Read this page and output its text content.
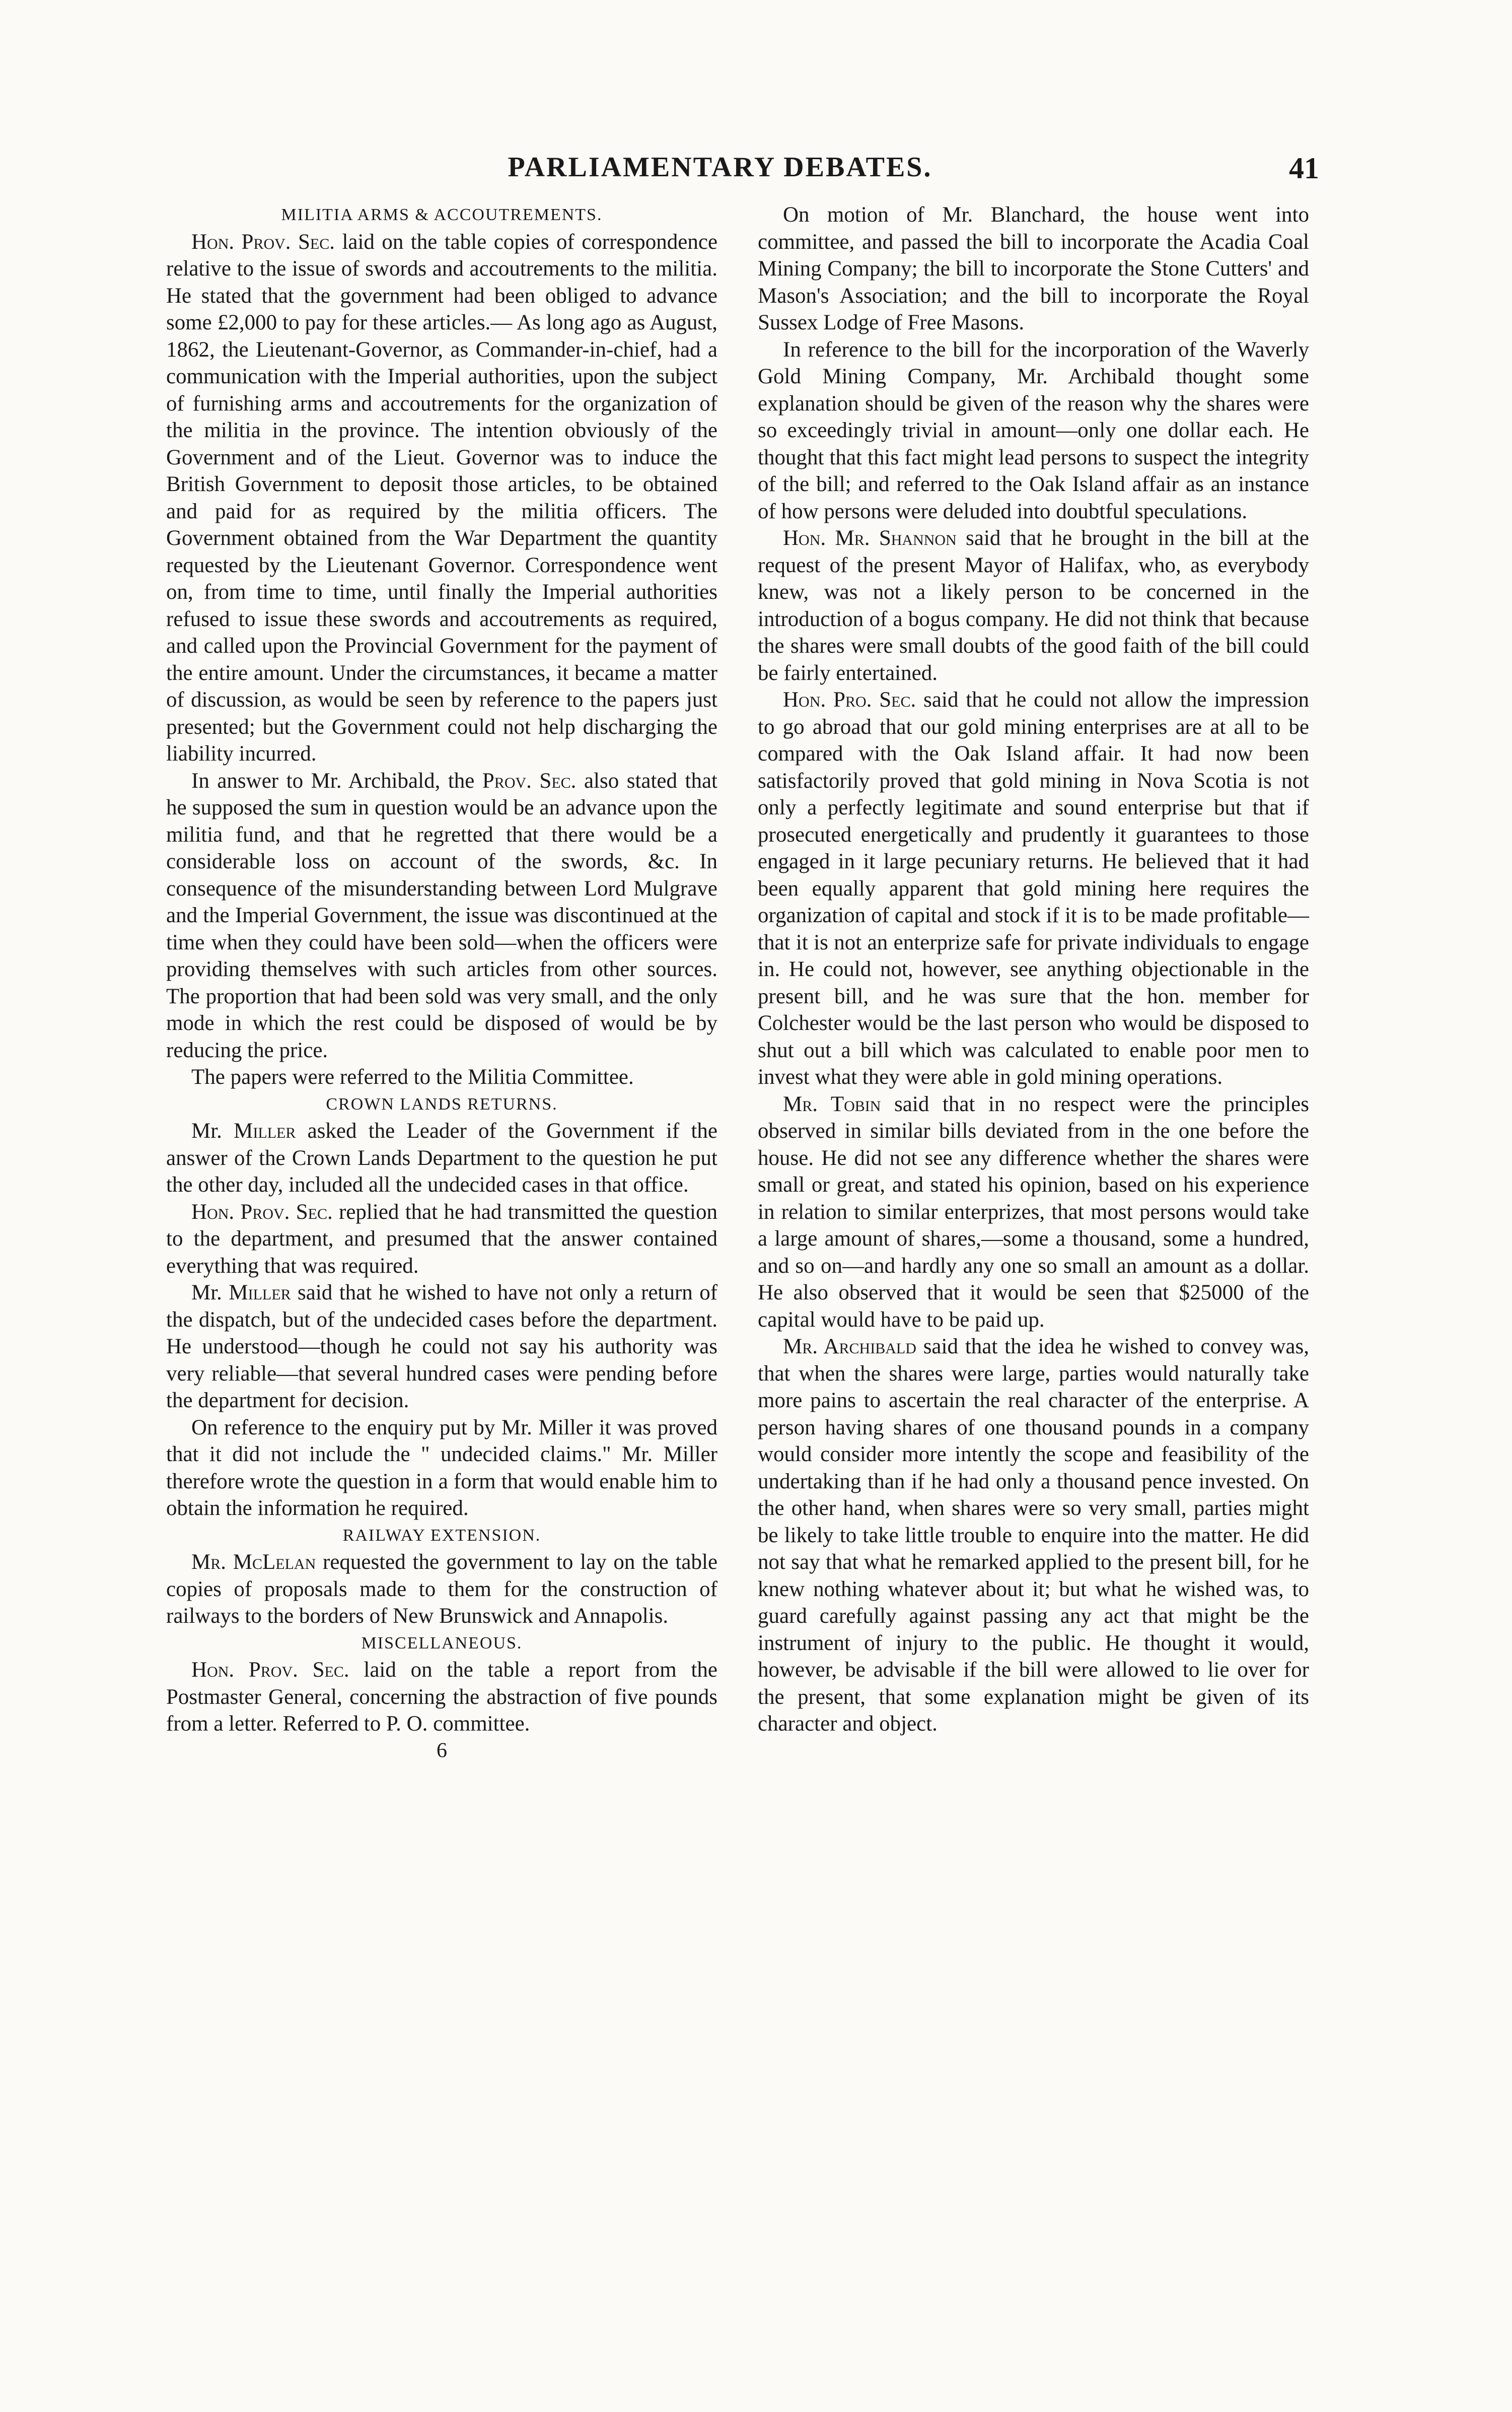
PARLIAMENTARY DEBATES.	41
MILITIA ARMS & ACCOUTREMENTS.

Hon. Prov. Sec. laid on the table copies of correspondence relative to the issue of swords and accoutrements to the militia. He stated that the government had been obliged to advance some £2,000 to pay for these articles.— As long ago as August, 1862, the Lieutenant-Governor, as Commander-in-chief, had a communication with the Imperial authorities, upon the subject of furnishing arms and accoutrements for the organization of the militia in the province. The intention obviously of the Government and of the Lieut. Governor was to induce the British Government to deposit those articles, to be obtained and paid for as required by the militia officers. The Government obtained from the War Department the quantity requested by the Lieutenant Governor. Correspondence went on, from time to time, until finally the Imperial authorities refused to issue these swords and accoutrements as required, and called upon the Provincial Government for the payment of the entire amount. Under the circumstances, it became a matter of discussion, as would be seen by reference to the papers just presented; but the Government could not help discharging the liability incurred.

In answer to Mr. Archibald, the Prov. Sec. also stated that he supposed the sum in question would be an advance upon the militia fund, and that he regretted that there would be a considerable loss on account of the swords, &c. In consequence of the misunderstanding between Lord Mulgrave and the Imperial Government, the issue was discontinued at the time when they could have been sold—when the officers were providing themselves with such articles from other sources. The proportion that had been sold was very small, and the only mode in which the rest could be disposed of would be by reducing the price.

The papers were referred to the Militia Committee.

CROWN LANDS RETURNS.

Mr. Miller asked the Leader of the Government if the answer of the Crown Lands Department to the question he put the other day, included all the undecided cases in that office.

Hon. Prov. Sec. replied that he had transmitted the question to the department, and presumed that the answer contained everything that was required.

Mr. Miller said that he wished to have not only a return of the dispatch, but of the undecided cases before the department. He understood—though he could not say his authority was very reliable—that several hundred cases were pending before the department for decision.

On reference to the enquiry put by Mr. Miller it was proved that it did not include the " undecided claims." Mr. Miller therefore wrote the question in a form that would enable him to obtain the information he required.

RAILWAY EXTENSION.

Mr. McLelan requested the government to lay on the table copies of proposals made to them for the construction of railways to the borders of New Brunswick and Annapolis.

MISCELLANEOUS.

Hon. Prov. Sec. laid on the table a report from the Postmaster General, concerning the abstraction of five pounds from a letter. Referred to P. O. committee.

6

On motion of Mr. Blanchard, the house went into committee, and passed the bill to incorporate the Acadia Coal Mining Company; the bill to incorporate the Stone Cutters' and Mason's Association; and the bill to incorporate the Royal Sussex Lodge of Free Masons.

In reference to the bill for the incorporation of the Waverly Gold Mining Company, Mr. Archibald thought some explanation should be given of the reason why the shares were so exceedingly trivial in amount—only one dollar each. He thought that this fact might lead persons to suspect the integrity of the bill; and referred to the Oak Island affair as an instance of how persons were deluded into doubtful speculations.

Hon. Mr. Shannon said that he brought in the bill at the request of the present Mayor of Halifax, who, as everybody knew, was not a likely person to be concerned in the introduction of a bogus company. He did not think that because the shares were small doubts of the good faith of the bill could be fairly entertained.

Hon. Pro. Sec. said that he could not allow the impression to go abroad that our gold mining enterprises are at all to be compared with the Oak Island affair. It had now been satisfactorily proved that gold mining in Nova Scotia is not only a perfectly legitimate and sound enterprise but that if prosecuted energetically and prudently it guarantees to those engaged in it large pecuniary returns. He believed that it had been equally apparent that gold mining here requires the organization of capital and stock if it is to be made profitable—that it is not an enterprize safe for private individuals to engage in. He could not, however, see anything objectionable in the present bill, and he was sure that the hon. member for Colchester would be the last person who would be disposed to shut out a bill which was calculated to enable poor men to invest what they were able in gold mining operations.

Mr. Tobin said that in no respect were the principles observed in similar bills deviated from in the one before the house. He did not see any difference whether the shares were small or great, and stated his opinion, based on his experience in relation to similar enterprizes, that most persons would take a large amount of shares,—some a thousand, some a hundred, and so on—and hardly any one so small an amount as a dollar. He also observed that it would be seen that $25000 of the capital would have to be paid up.

Mr. Archibald said that the idea he wished to convey was, that when the shares were large, parties would naturally take more pains to ascertain the real character of the enterprise. A person having shares of one thousand pounds in a company would consider more intently the scope and feasibility of the undertaking than if he had only a thousand pence invested. On the other hand, when shares were so very small, parties might be likely to take little trouble to enquire into the matter. He did not say that what he remarked applied to the present bill, for he knew nothing whatever about it; but what he wished was, to guard carefully against passing any act that might be the instrument of injury to the public. He thought it would, however, be advisable if the bill were allowed to lie over for the present, that some explanation might be given of its character and object.
